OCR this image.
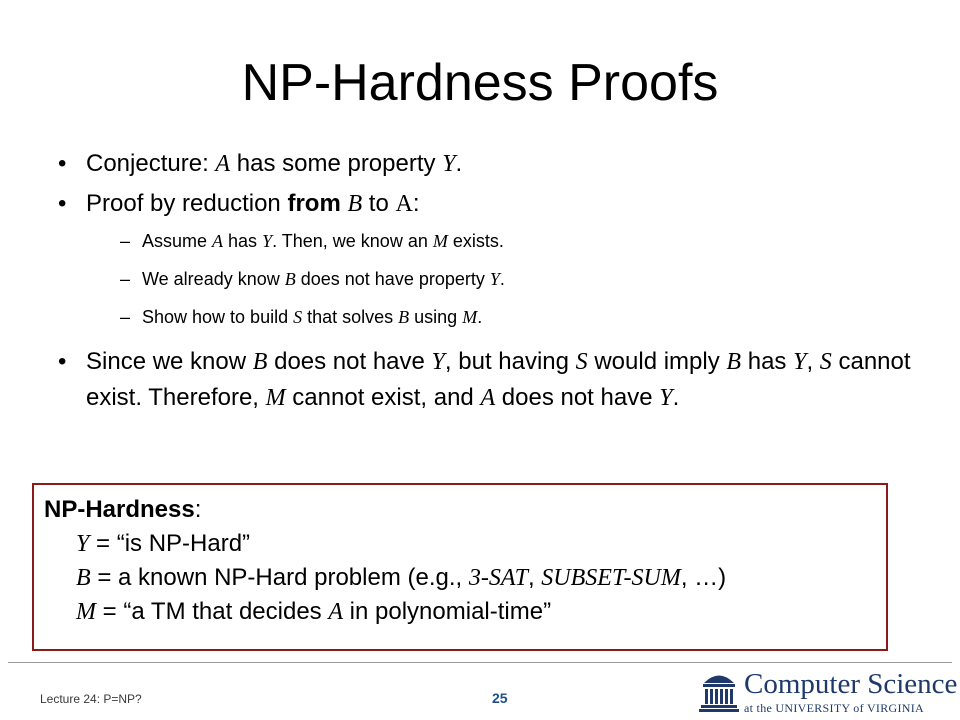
NP-Hardness Proofs
• Conjecture: A has some property Y.
• Proof by reduction from B to A:
– Assume A has Y. Then, we know an M exists.
– We already know B does not have property Y.
– Show how to build S that solves B using M.
• Since we know B does not have Y, but having S would imply B has Y, S cannot exist. Therefore, M cannot exist, and A does not have Y.
NP-Hardness:
Y = “is NP-Hard”
B = a known NP-Hard problem (e.g., 3-SAT, SUBSET-SUM, …)
M = “a TM that decides A in polynomial-time”
Lecture 24: P=NP?	25	Computer Science
at the UNIVERSITY of VIRGINIA
